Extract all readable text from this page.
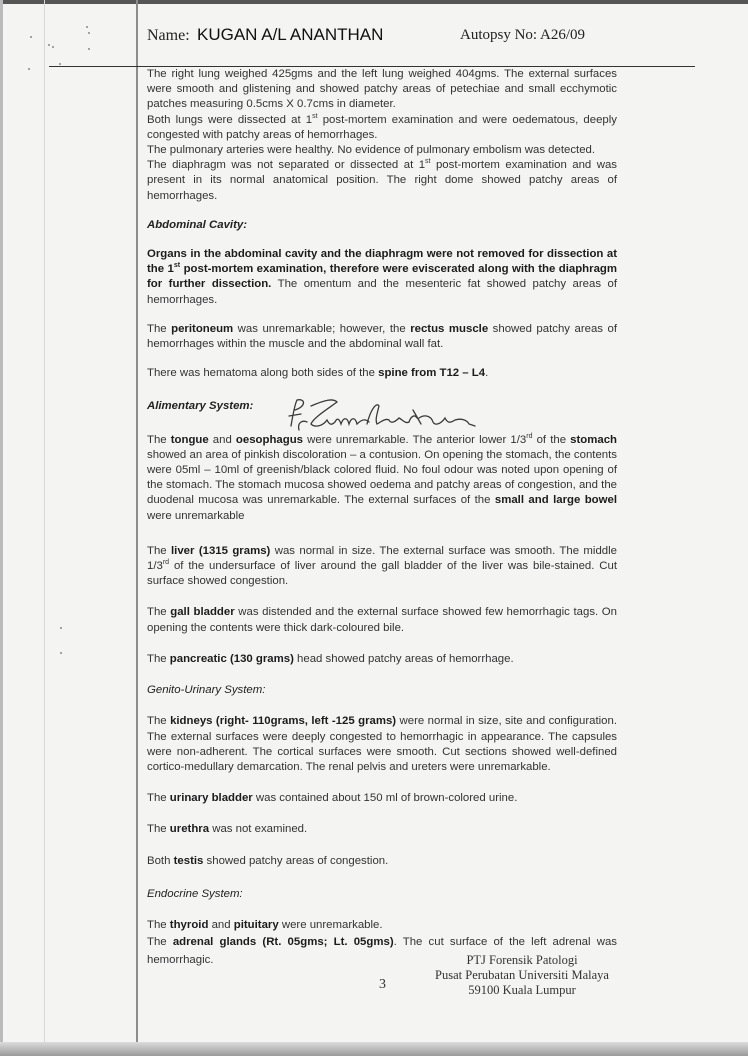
Name: KUGAN A/L ANANTHAN	Autopsy No: A26/09

The right lung weighed 425gms and the left lung weighed 404gms. The external surfaces were smooth and glistening and showed patchy areas of petechiae and small ecchymotic patches measuring 0.5cms X 0.7cms in diameter.

Both lungs were dissected at 1st post-mortem examination and were oedematous, deeply congested with patchy areas of hemorrhages.

The pulmonary arteries were healthy. No evidence of pulmonary embolism was detected.

The diaphragm was not separated or dissected at 1st post-mortem examination and was present in its normal anatomical position. The right dome showed patchy areas of hemorrhages.

Abdominal Cavity:

Organs in the abdominal cavity and the diaphragm were not removed for dissection at the 1st post-mortem examination, therefore were eviscerated along with the diaphragm for further dissection. The omentum and the mesenteric fat showed patchy areas of hemorrhages.

The peritoneum was unremarkable; however, the rectus muscle showed patchy areas of hemorrhages within the muscle and the abdominal wall fat.

There was hematoma along both sides of the spine from T12 – L4.

Alimentary System:

The tongue and oesophagus were unremarkable. The anterior lower 1/3rd of the stomach showed an area of pinkish discoloration – a contusion. On opening the stomach, the contents were 05ml – 10ml of greenish/black colored fluid. No foul odour was noted upon opening of the stomach. The stomach mucosa showed oedema and patchy areas of congestion, and the duodenal mucosa was unremarkable. The external surfaces of the small and large bowel were unremarkable

The liver (1315 grams) was normal in size. The external surface was smooth. The middle 1/3rd of the undersurface of liver around the gall bladder of the liver was bile-stained. Cut surface showed congestion.

The gall bladder was distended and the external surface showed few hemorrhagic tags. On opening the contents were thick dark-coloured bile.

The pancreatic (130 grams) head showed patchy areas of hemorrhage.

Genito-Urinary System:

The kidneys (right- 110grams, left -125 grams) were normal in size, site and configuration. The external surfaces were deeply congested to hemorrhagic in appearance. The capsules were non-adherent. The cortical surfaces were smooth. Cut sections showed well-defined cortico-medullary demarcation. The renal pelvis and ureters were unremarkable.

The urinary bladder was contained about 150 ml of brown-colored urine.

The urethra was not examined.

Both testis showed patchy areas of congestion.

Endocrine System:

The thyroid and pituitary were unremarkable.

The adrenal glands (Rt. 05gms; Lt. 05gms). The cut surface of the left adrenal was hemorrhagic.

3
PTJ Forensik Patologi
Pusat Perubatan Universiti Malaya
59100 Kuala Lumpur
